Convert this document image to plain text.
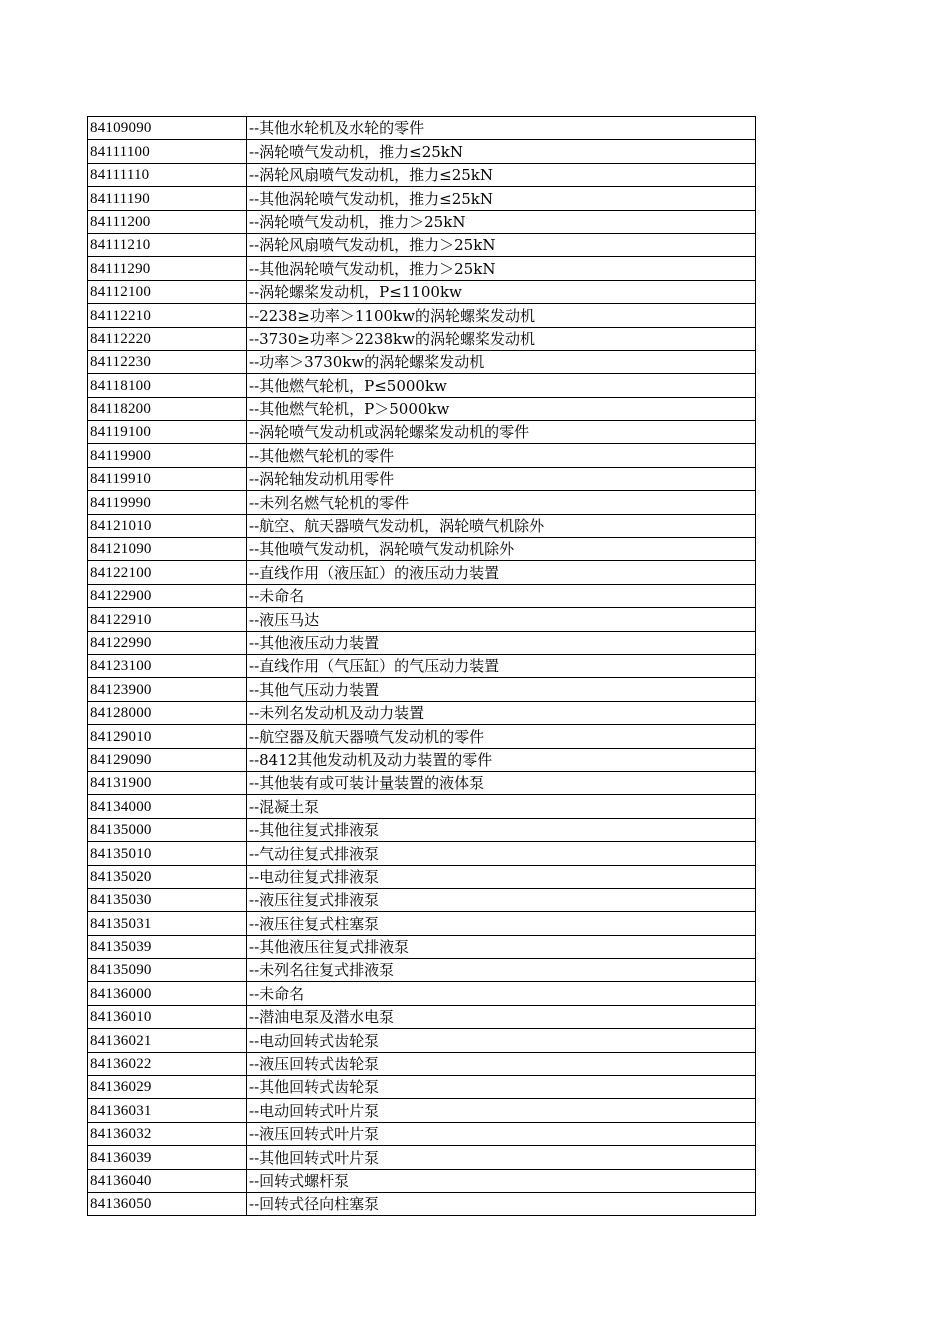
84109090	--其他水轮机及水轮的零件
84111100	--涡轮喷气发动机，推力≤25kN
84111110	--涡轮风扇喷气发动机，推力≤25kN
84111190	--其他涡轮喷气发动机，推力≤25kN
84111200	--涡轮喷气发动机，推力＞25kN
84111210	--涡轮风扇喷气发动机，推力＞25kN
84111290	--其他涡轮喷气发动机，推力＞25kN
84112100	--涡轮螺桨发动机，P≤1100kw
84112210	--2238≥功率＞1100kw的涡轮螺桨发动机
84112220	--3730≥功率＞2238kw的涡轮螺桨发动机
84112230	--功率＞3730kw的涡轮螺桨发动机
84118100	--其他燃气轮机，P≤5000kw
84118200	--其他燃气轮机，P＞5000kw
84119100	--涡轮喷气发动机或涡轮螺桨发动机的零件
84119900	--其他燃气轮机的零件
84119910	--涡轮轴发动机用零件
84119990	--未列名燃气轮机的零件
84121010	--航空、航天器喷气发动机，涡轮喷气机除外
84121090	--其他喷气发动机，涡轮喷气发动机除外
84122100	--直线作用（液压缸）的液压动力装置
84122900	--未命名
84122910	--液压马达
84122990	--其他液压动力装置
84123100	--直线作用（气压缸）的气压动力装置
84123900	--其他气压动力装置
84128000	--未列名发动机及动力装置
84129010	--航空器及航天器喷气发动机的零件
84129090	--8412其他发动机及动力装置的零件
84131900	--其他装有或可装计量装置的液体泵
84134000	--混凝土泵
84135000	--其他往复式排液泵
84135010	--气动往复式排液泵
84135020	--电动往复式排液泵
84135030	--液压往复式排液泵
84135031	--液压往复式柱塞泵
84135039	--其他液压往复式排液泵
84135090	--未列名往复式排液泵
84136000	--未命名
84136010	--潜油电泵及潜水电泵
84136021	--电动回转式齿轮泵
84136022	--液压回转式齿轮泵
84136029	--其他回转式齿轮泵
84136031	--电动回转式叶片泵
84136032	--液压回转式叶片泵
84136039	--其他回转式叶片泵
84136040	--回转式螺杆泵
84136050	--回转式径向柱塞泵
